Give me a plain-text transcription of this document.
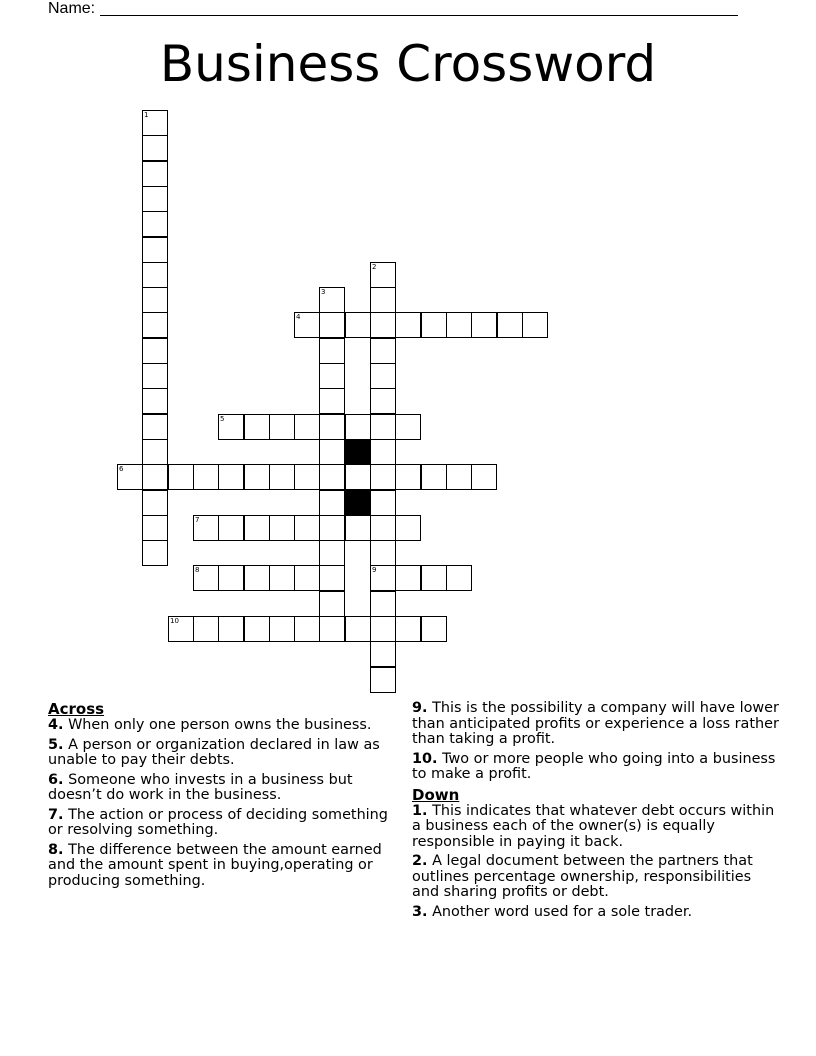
Name:
Business Crossword
1
2
9
3
4
5
6
7
8
10
Across
4. When only one person owns the business.
5. A person or organization declared in law as unable to pay their debts.
6. Someone who invests in a business but doesn’t do work in the business.
7. The action or process of deciding something or resolving something.
8. The difference between the amount earned and the amount spent in buying,operating or producing something.
9. This is the possibility a company will have lower than anticipated profits or experience a loss rather than taking a profit.
10. Two or more people who going into a business to make a profit.
Down
1. This indicates that whatever debt occurs within a business each of the owner(s) is equally responsible in paying it back.
2. A legal document between the partners that outlines percentage ownership, responsibilities and sharing profits or debt.
3. Another word used for a sole trader.
